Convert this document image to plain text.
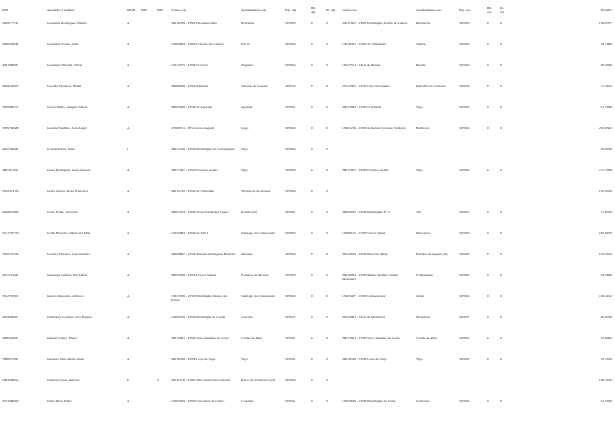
DNI	Apellidos y nombre	MOD	DPC	DPL	Centro adj.	Ayuntamiento adj.	Esp. adj.	Bil. adj.	Ití. adj.	Centro res.	Ayuntamiento res.	Esp. res.	Bil. res.	Ití. res.	Baremo
34997777P	González Rodríguez, Emilio	A			32016789 - CEIP Filomena Dato	Barbadás	597003	0	0	32011305 - CEIP Plurilingüe Tomás de Lemos	Ribadavia	597003	0	0	156,6767
32665462B	González Varela, Abel	A			15006663 - CEIP Cruceiro de Canido	Ferrol	597004	0	0	15016565 - CEIP de Vilarmaior	Santiso	597004	0	0	19,1666
44810983F	González Villarán, Silvia	A			15013575 - CEIP O Cruce	Negreira	597004	0	0	15027551 - CRA de Rianxo	Rianxo	597004	0	0	28,3498
44091463Y	Gorriño Ferreiras, Belén	A			36008489 - CEIP Aldarzia	Salceda de Caselas	597035	0	0	27015967 - CEIP Uxío Novoneira	Pedrafita do Cebreiro	597035	0	0	17,3164
33859891Y	Gotelo Bello, Amparo María	A			36003489 - CEIP de Agolada	Agolada	597001	0	0	36015863 - CEIP O Pombal	Vigo	597001	0	0	21,7998
33857664H	Grande Fandiño, José Ángel	A			27006551 - IES Lucas Augusti	Lugo	597004	0	0	15001239 - CEIP Armando Cotarelo Valledor	Boimorto	597004	0	0	210,6582
44675964R	Grande Pérez, Elías	J			36015536 - CEIP Plurilingüe de Carrasqueira	Vigo	597004	0	0						29,8330
36070110G	Grela Rodríguez, Juan Antonio	A			36017697 - CEIP Escultor Acuña	Vigo	597004	0	0	36017697 - CEIP Escultor Acuña	Vigo	597004	0	0	117,7498
33223141D	Grela Santos, Rosa Francisca	A			36012742 - CEIP de Vilanoiño	Vilagarcía de Arousa	597004	0	0						135,4332
44486239D	Grela Erade, Verónica	A			36007923 - CEIP Xosé Fernández López	Porriño (O)	597001	0	0	36009035 - CEIP Plurilingüe Nº 2	Tui	597001	0	0	11,8330
31517677W	Grille Herreira, María del Pilar	A			15023083 - CEIP de Vite I	Santiago de Compostela	597003	0	0	15008415 - CEIP Víctor Sáenz	Macarrera	597003	0	0	182,9079
76701375D	Grueiro Ferreiro, José Antonio	A			32008907 - CEIP Amador Rodríguez Barreiro	Ourense	597004	0	0	32016929 - CEIP Bea-Cho-Bety	Ferreira de Aguiar (O)	597004	0	0	133,4332
36172144K	Guísanga Gómez, Iria María	A			36003398 - CEIP Doctor Suárez	Fornelos de Montes	597003	0	0	36016994 - CEIP Mestre Ramiro Sabell Mosquera	Fontemanas	597003	0	0	22,5666
33227976X	Guerra Relaceño, Alfonso	A			15013539 - CEIP Plurilingüe Monte dos Postes	Santiago de Compostela	597004	0	0	15025487 - CEIP Campomaior	Ordes	597004	0	0	118,4162
32839963C	Guimarey Coelaire, Eva Raquel	A			15003376 - CEIP Plurilingüe O Conde	Cerceda	597037	0	0	32032981 - CRA de Montarrei	Monterrei	597037	0	0	26,8330
76864029F	Guirnil Castro, Elena	A			36015861 - CEIP San Clemente de Cesar	Caldas de Reis	597001	0	0	36015861 - CEIP San Clemente de Cesar	Caldas de Reis	597001	0	0	31,9994
76883379E	Guisado Taín, María Jesús	A			36016538 - CEIP Lope de Vega	Vigo	597001	0	0	36016538 - CEIP Lope de Vega	Vigo	597001	0	0	33,3332
10045690A	Guitián López, Alfredo	E		S	32011378 - CEIP Julio Gurriarán Carballo	Barco de Valdeorras (O)	597004	0	0						199,3332
35316004D	Guilá Díaz, Pablo	A			15003039 - CEIP Cervantes de Castro	Lousame	597001	0	0	15003628 - CEIP Plurilingüe de Treito	Culleredo	597001	0	0	31,3330
